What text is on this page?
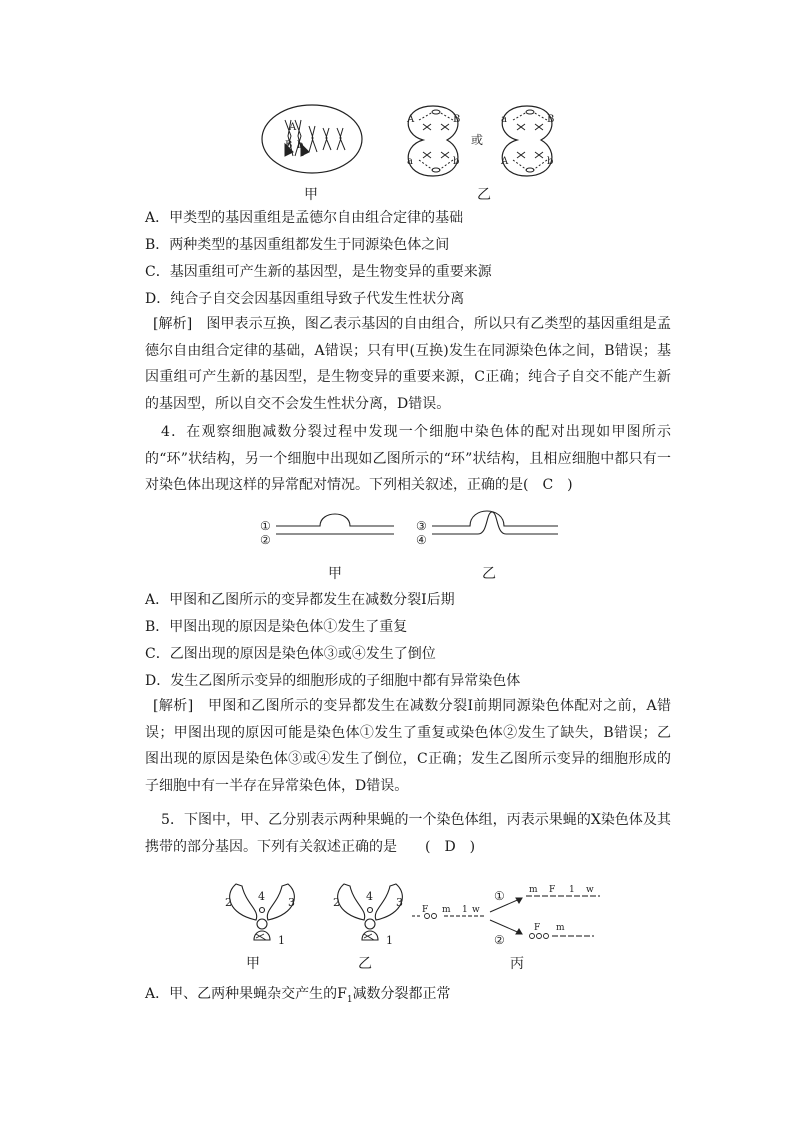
A
B b
A	B
a	b
或
a	B
A	b
甲	乙
A．甲类型的基因重组是孟德尔自由组合定律的基础
B．两种类型的基因重组都发生于同源染色体之间
C．基因重组可产生新的基因型，是生物变异的重要来源
D．纯合子自交会因基因重组导致子代发生性状分离
[解析]　图甲表示互换，图乙表示基因的自由组合，所以只有乙类型的基因重组是孟德尔自由组合定律的基础，A错误；只有甲(互换)发生在同源染色体之间，B错误；基因重组可产生新的基因型，是生物变异的重要来源，C正确；纯合子自交不能产生新的基因型，所以自交不会发生性状分离，D错误。
4．在观察细胞减数分裂过程中发现一个细胞中染色体的配对出现如甲图所示的“环”状结构，另一个细胞中出现如乙图所示的“环”状结构，且相应细胞中都只有一对染色体出现这样的异常配对情况。下列相关叙述，正确的是(　C　)
①
②
③
④
甲	乙
A．甲图和乙图所示的变异都发生在减数分裂Ⅰ后期
B．甲图出现的原因是染色体①发生了重复
C．乙图出现的原因是染色体③或④发生了倒位
D．发生乙图所示变异的细胞形成的子细胞中都有异常染色体
[解析]　甲图和乙图所示的变异都发生在减数分裂Ⅰ前期同源染色体配对之前，A错误；甲图出现的原因可能是染色体①发生了重复或染色体②发生了缺失，B错误；乙图出现的原因是染色体③或④发生了倒位，C正确；发生乙图所示变异的细胞形成的子细胞中有一半存在异常染色体，D错误。
5．下图中，甲、乙分别表示两种果蝇的一个染色体组，丙表示果蝇的X染色体及其携带的部分基因。下列有关叙述正确的是　　(　D　)
2 4 3
1
2 4 3
1
F m 1 w
①
②
m F 1 w
F m
甲	乙	丙
A．甲、乙两种果蝇杂交产生的$F_1$减数分裂都正常
